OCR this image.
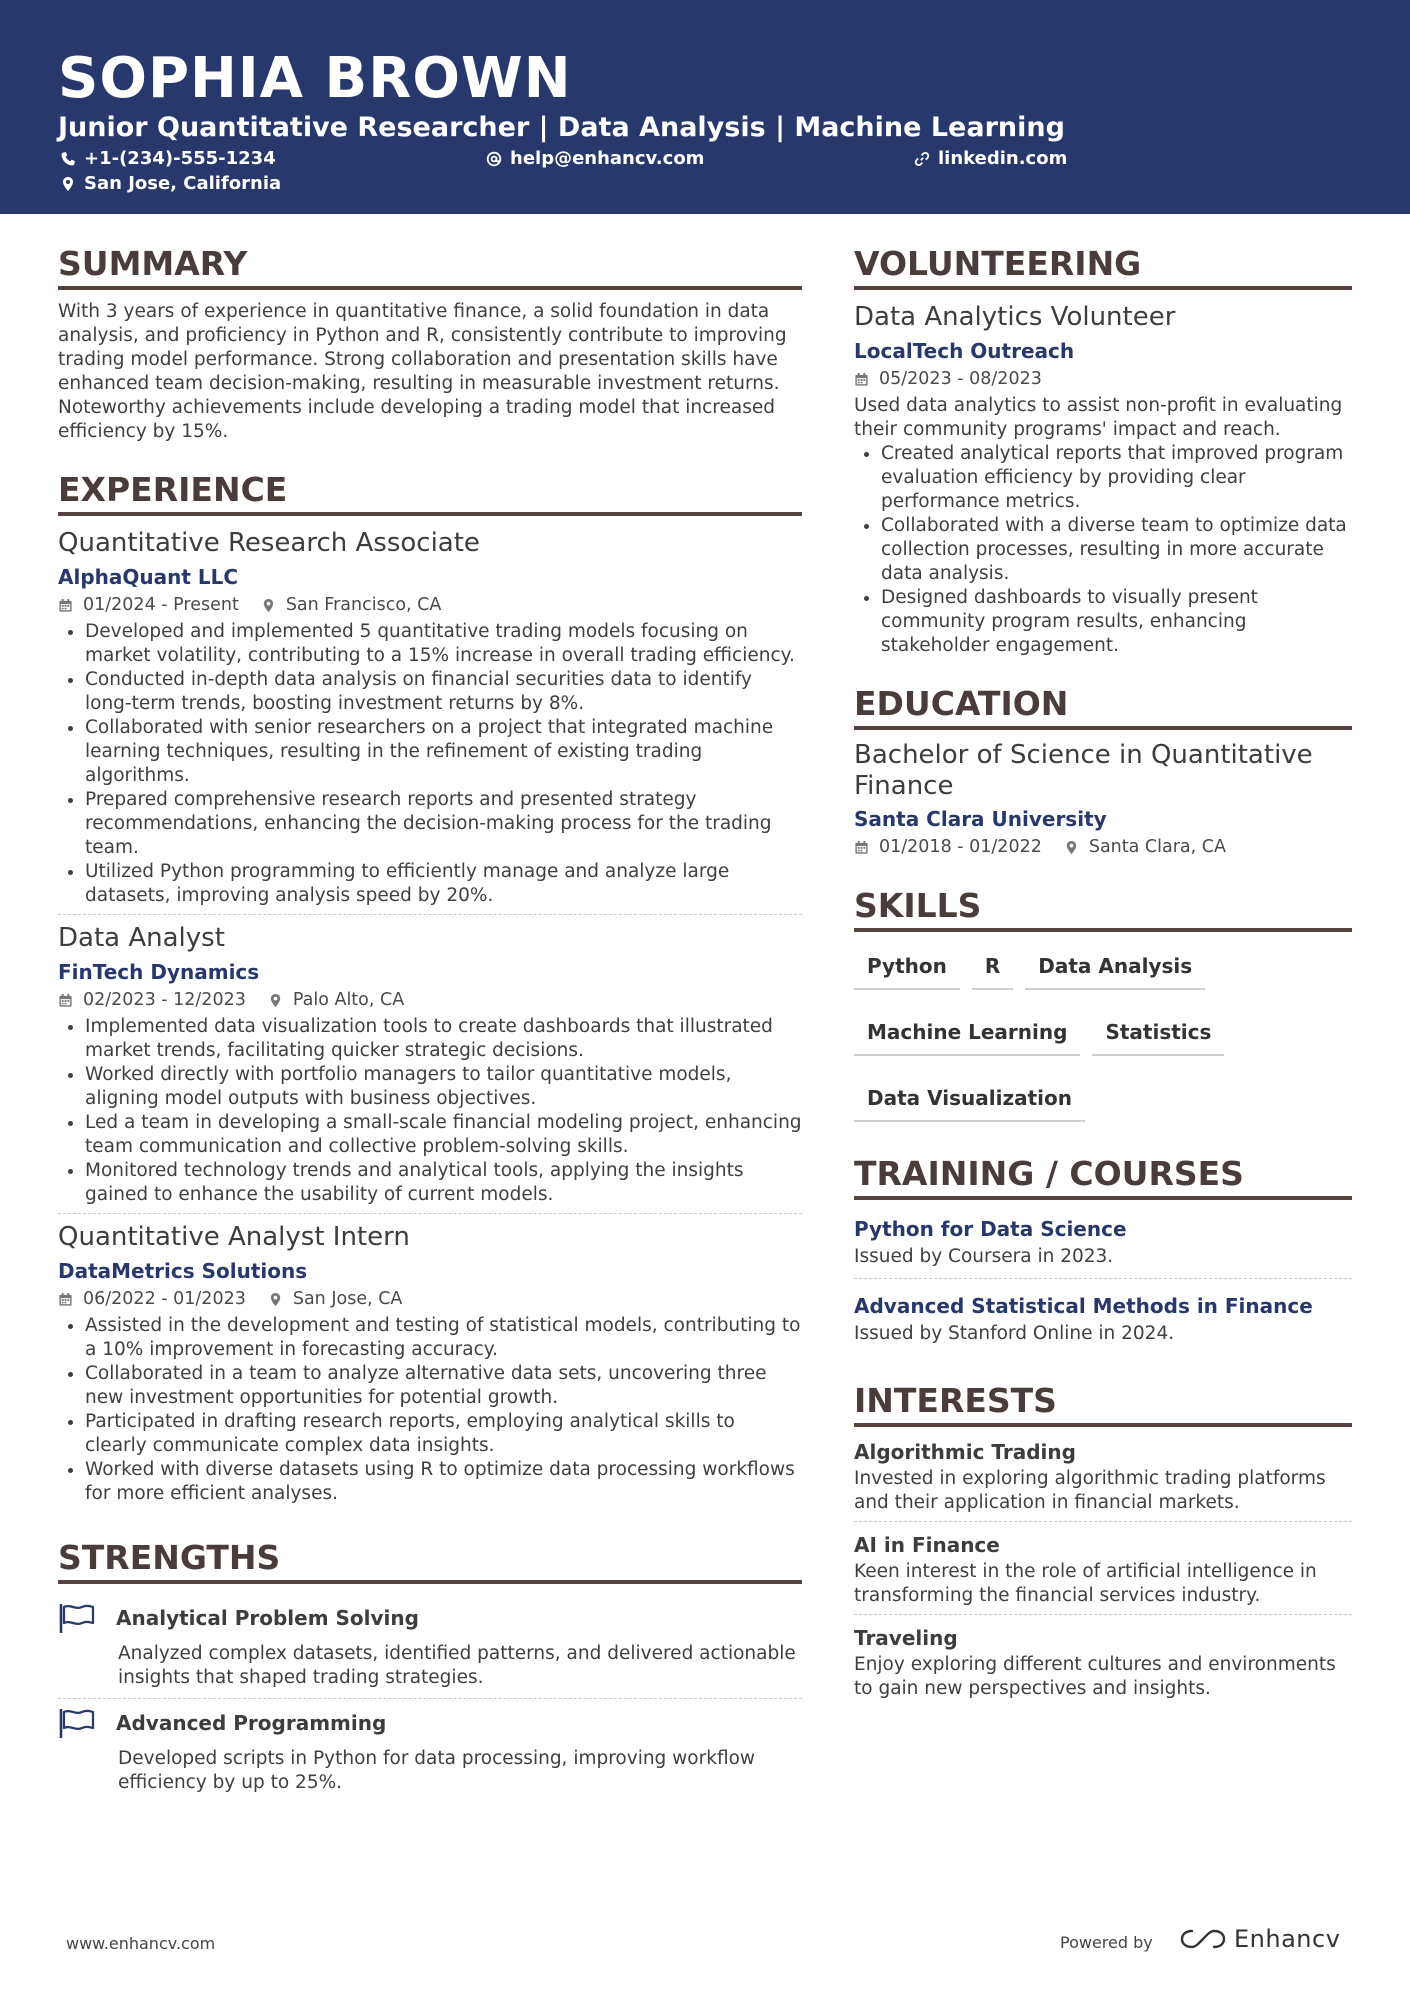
SOPHIA BROWN
Junior Quantitative Researcher | Data Analysis | Machine Learning
+1-(234)-555-1234	help@enhancv.com	linkedin.com
San Jose, California
SUMMARY

With 3 years of experience in quantitative finance, a solid foundation in data analysis, and proficiency in Python and R, consistently contribute to improving trading model performance. Strong collaboration and presentation skills have enhanced team decision-making, resulting in measurable investment returns. Noteworthy achievements include developing a trading model that increased efficiency by 15%.

EXPERIENCE
Quantitative Research Associate
AlphaQuant LLC
01/2024 - Present	San Francisco, CA
• Developed and implemented 5 quantitative trading models focusing on market volatility, contributing to a 15% increase in overall trading efficiency.
• Conducted in-depth data analysis on financial securities data to identify long-term trends, boosting investment returns by 8%.
• Collaborated with senior researchers on a project that integrated machine learning techniques, resulting in the refinement of existing trading algorithms.
• Prepared comprehensive research reports and presented strategy recommendations, enhancing the decision-making process for the trading team.
• Utilized Python programming to efficiently manage and analyze large datasets, improving analysis speed by 20%.
Data Analyst
FinTech Dynamics
02/2023 - 12/2023	Palo Alto, CA
• Implemented data visualization tools to create dashboards that illustrated market trends, facilitating quicker strategic decisions.
• Worked directly with portfolio managers to tailor quantitative models, aligning model outputs with business objectives.
• Led a team in developing a small-scale financial modeling project, enhancing team communication and collective problem-solving skills.
• Monitored technology trends and analytical tools, applying the insights gained to enhance the usability of current models.
Quantitative Analyst Intern
DataMetrics Solutions
06/2022 - 01/2023	San Jose, CA
• Assisted in the development and testing of statistical models, contributing to a 10% improvement in forecasting accuracy.
• Collaborated in a team to analyze alternative data sets, uncovering three new investment opportunities for potential growth.
• Participated in drafting research reports, employing analytical skills to clearly communicate complex data insights.
• Worked with diverse datasets using R to optimize data processing workflows for more efficient analyses.
STRENGTHS
Analytical Problem Solving

Analyzed complex datasets, identified patterns, and delivered actionable insights that shaped trading strategies.

Advanced Programming

Developed scripts in Python for data processing, improving workflow efficiency by up to 25%.

VOLUNTEERING
Data Analytics Volunteer
LocalTech Outreach
05/2023 - 08/2023

Used data analytics to assist non-profit in evaluating their community programs' impact and reach.

• Created analytical reports that improved program evaluation efficiency by providing clear performance metrics.
• Collaborated with a diverse team to optimize data collection processes, resulting in more accurate data analysis.
• Designed dashboards to visually present community program results, enhancing stakeholder engagement.
EDUCATION
Bachelor of Science in Quantitative Finance
Santa Clara University
01/2018 - 01/2022	Santa Clara, CA
SKILLS
Python	R	Data Analysis
Machine Learning	Statistics
Data Visualization
TRAINING / COURSES
Python for Data Science
Issued by Coursera in 2023.
Advanced Statistical Methods in Finance
Issued by Stanford Online in 2024.
INTERESTS
Algorithmic Trading

Invested in exploring algorithmic trading platforms and their application in financial markets.

AI in Finance

Keen interest in the role of artificial intelligence in transforming the financial services industry.

Traveling

Enjoy exploring different cultures and environments to gain new perspectives and insights.

www.enhancv.com	Powered by	Enhancv
